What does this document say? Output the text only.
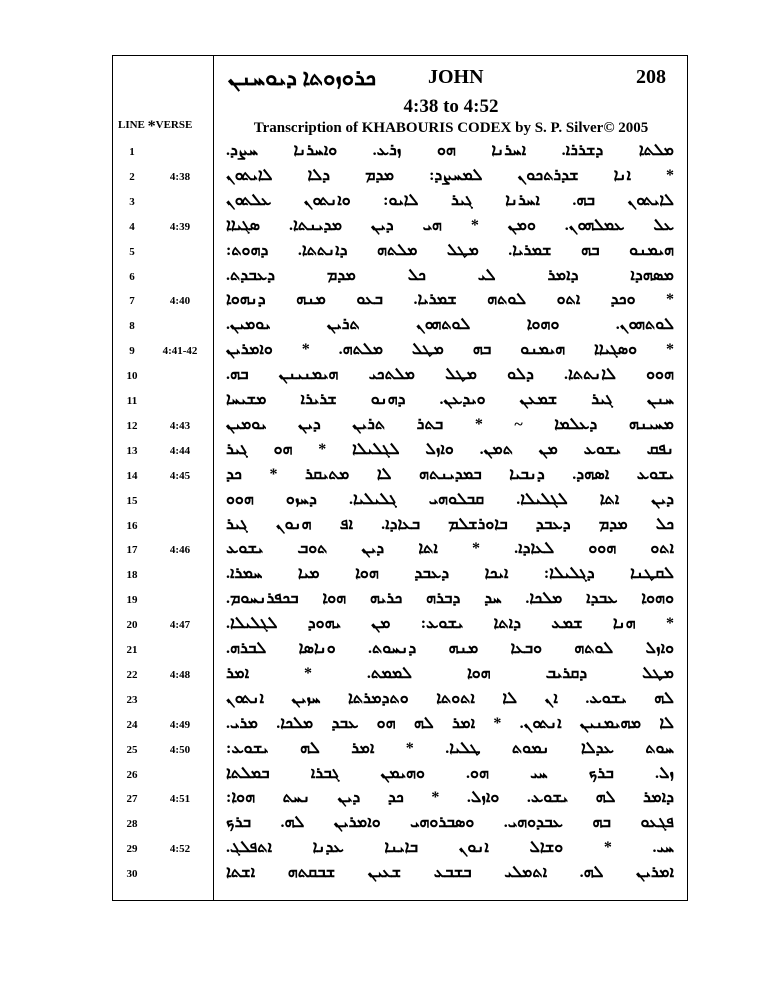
ܟܪܘܙܘܬܐ ܕܝܘܚܢܢ	JOHN	208
4:38 to 4:52
Transcription of KHABOURIS CODEX by S. P. Silver© 2005
LINE *VERSE
1	ܡܠܬܐ ܕܫܪܪܐ. ܐܚܪܢܐ ܗܘ ܙܪܥ. ܘܐܚܪܢܐ ܚܨܕ.
2	4:38	* ܐܢܐ ܫܕܪܬܟܘܢ ܠܡܚܨܕ: ܡܕܡ ܕܠܐ ܠܐܝܬܘܢ
3	ܠܐܝܬܘܢ ܒܗ. ܐܚܪܢܐ ܓܝܪ ܠܐܝܘ: ܘܐܢܬܘܢ ܥܠܬܘܢ
4	4:39	ܥܠ ܥܡܠܗܘܢ. ܘܡܢ * ܗܝ ܕܝܢ ܡܕܝܢܬܐ. ܣܓܝܐܐ
5	ܗܝܡܢܘ ܒܗ ܫܡܪܝܐ. ܡܛܠ ܡܠܬܗ ܕܐܢܬܬܐ. ܕܗܘܬ:
6	ܡܣܗܕܐ ܕܐܡܪ ܠܝ ܟܠ ܡܕܡ ܕܥܒܕܬ.
7	4:40	* ܘܟܕ ܐܬܘ ܠܘܬܗ ܫܡܪܝܐ. ܒܥܘ ܡܢܗ ܕܢܗܘܐ
8	ܠܘܬܗܘܢ. ܘܗܘܐ ܠܘܬܗܘܢ ܬܪܝܢ ܝܘܡܝܢ.
9	4:41-42 * ܘܣܓܝܐܐ ܗܝܡܢܘ ܒܗ ܡܛܠ ܡܠܬܗ. * ܘܐܡܪܝܢ
10	ܗܘܘ ܠܐܢܬܬܐ. ܕܠܘ ܡܛܠ ܡܠܬܟܝ ܗܝܡܢܝܢܢ ܒܗ.
11	ܚܢܢ ܓܝܪ ܫܡܥܢ ܘܝܕܥܢ. ܕܗܢܘ ܫܪܝܪܐ ܡܫܝܚܐ
12	4:43	ܡܚܝܢܗ ܕܥܠܡܐ ~ * ܒܬܪ ܬܪܝܢ ܕܝܢ ܝܘܡܝܢ
13	4:44	ܢܦܩ ܝܫܘܥ ܡܢ ܬܡܢ. ܘܐܙܠ ܠܓܠܝܠܐ * ܗܘ ܓܝܪ
14	4:45	ܝܫܘܥ ܐܣܗܕ. ܕܢܒܝܐ ܒܡܕܝܢܬܗ ܠܐ ܡܬܝܩܪ * ܟܕ
15	ܕܝܢ ܐܬܐ ܠܓܠܝܠܐ. ܩܒܠܘܗܝ ܓܠܝܠܝܐ. ܕܚܙܘ ܗܘܘ
16	ܟܠ ܡܕܡ ܕܥܒܕ ܒܐܘܪܫܠܡ ܒܥܐܕܐ. ܐܦ ܗܢܘܢ ܓܝܪ
17	4:46	ܐܬܘ ܗܘܘ ܠܥܐܕܐ. * ܐܬܐ ܕܝܢ ܬܘܒ ܝܫܘܥ
18	ܠܩܛܢܐ ܕܓܠܝܠܐ: ܐܝܟܐ ܕܥܒܕ ܗܘܐ ܡܝܐ ܚܡܪܐ.
19	ܘܗܘܐ ܥܒܕܐ ܡܠܟܐ. ܚܕ ܕܒܪܗ ܟܪܝܗ ܗܘܐ ܒܟܦܪܢܚܘܡ.
20	4:47	* ܗܢܐ ܫܡܥ ܕܐܬܐ ܝܫܘܥ: ܡܢ ܝܗܘܕ ܠܓܠܝܠܐ.
21	ܘܐܙܠ ܠܘܬܗ ܘܒܥܐ ܡܢܗ ܕܢܚܘܬ. ܘܢܐܣܐ ܠܒܪܗ.
22	4:48	ܡܛܠ ܕܩܪܝܒ ܗܘܐ ܠܡܡܬ. * ܐܡܪ
23	ܠܗ ܝܫܘܥ. ܐܢ ܠܐ ܐܬܘܬܐ ܘܬܕܡܪܬܐ ܚܙܝܢ ܐܢܬܘܢ
24	4:49	ܠܐ ܡܗܝܡܢܝܢ ܐܢܬܘܢ. * ܐܡܪ ܠܗ ܗܘ ܥܒܕ ܡܠܟܐ. ܡܪܝ.
25	4:50	ܚܘܬ ܥܕܠܐ ܢܡܘܬ ܛܠܝܐ. * ܐܡܪ ܠܗ ܝܫܘܥ:
26	ܙܠ. ܒܪܟ ܚܝ ܗܘ. ܘܗܝܡܢ ܓܒܪܐ ܒܡܠܬܐ
27	4:51	ܕܐܡܪ ܠܗ ܝܫܘܥ. ܘܐܙܠ. * ܟܕ ܕܝܢ ܢܚܬ ܗܘܐ:
28	ܦܓܥܘ ܒܗ ܥܒܕܘܗܝ. ܘܣܒܪܘܗܝ ܘܐܡܪܝܢ ܠܗ. ܒܪܟ
29	4:52	ܚܝ. * ܘܫܐܠ ܐܢܘܢ ܒܐܝܢܐ ܥܕܢܐ ܐܬܦܠܓ.
30	ܐܡܪܝܢ ܠܗ. ܐܬܡܠܝ ܒܫܒܥ ܫܥܝܢ ܫܒܩܬܗ ܐܫܬܐ
